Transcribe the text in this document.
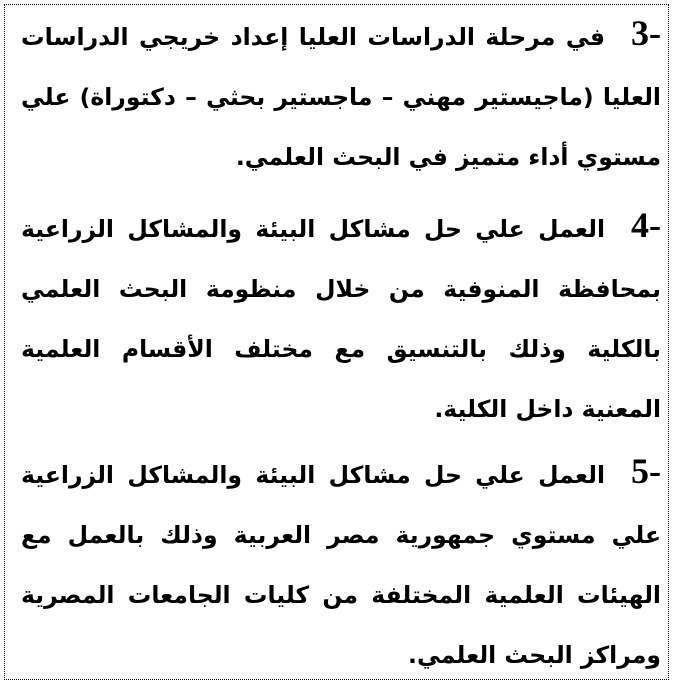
3-في مرحلة الدراسات العليا إعداد خريجي الدراسات العليا (ماجيستير مهني – ماجستير بحثي – دكتوراة) علي مستوي أداء متميز في البحث العلمي.
4-العمل علي حل مشاكل البيئة والمشاكل الزراعية بمحافظة المنوفية من خلال منظومة البحث العلمي بالكلية وذلك بالتنسيق مع مختلف الأقسام العلمية المعنية داخل الكلية.
5-العمل علي حل مشاكل البيئة والمشاكل الزراعية علي مستوي جمهورية مصر العربية وذلك بالعمل مع الهيئات العلمية المختلفة من كليات الجامعات المصرية ومراكز البحث العلمي.
